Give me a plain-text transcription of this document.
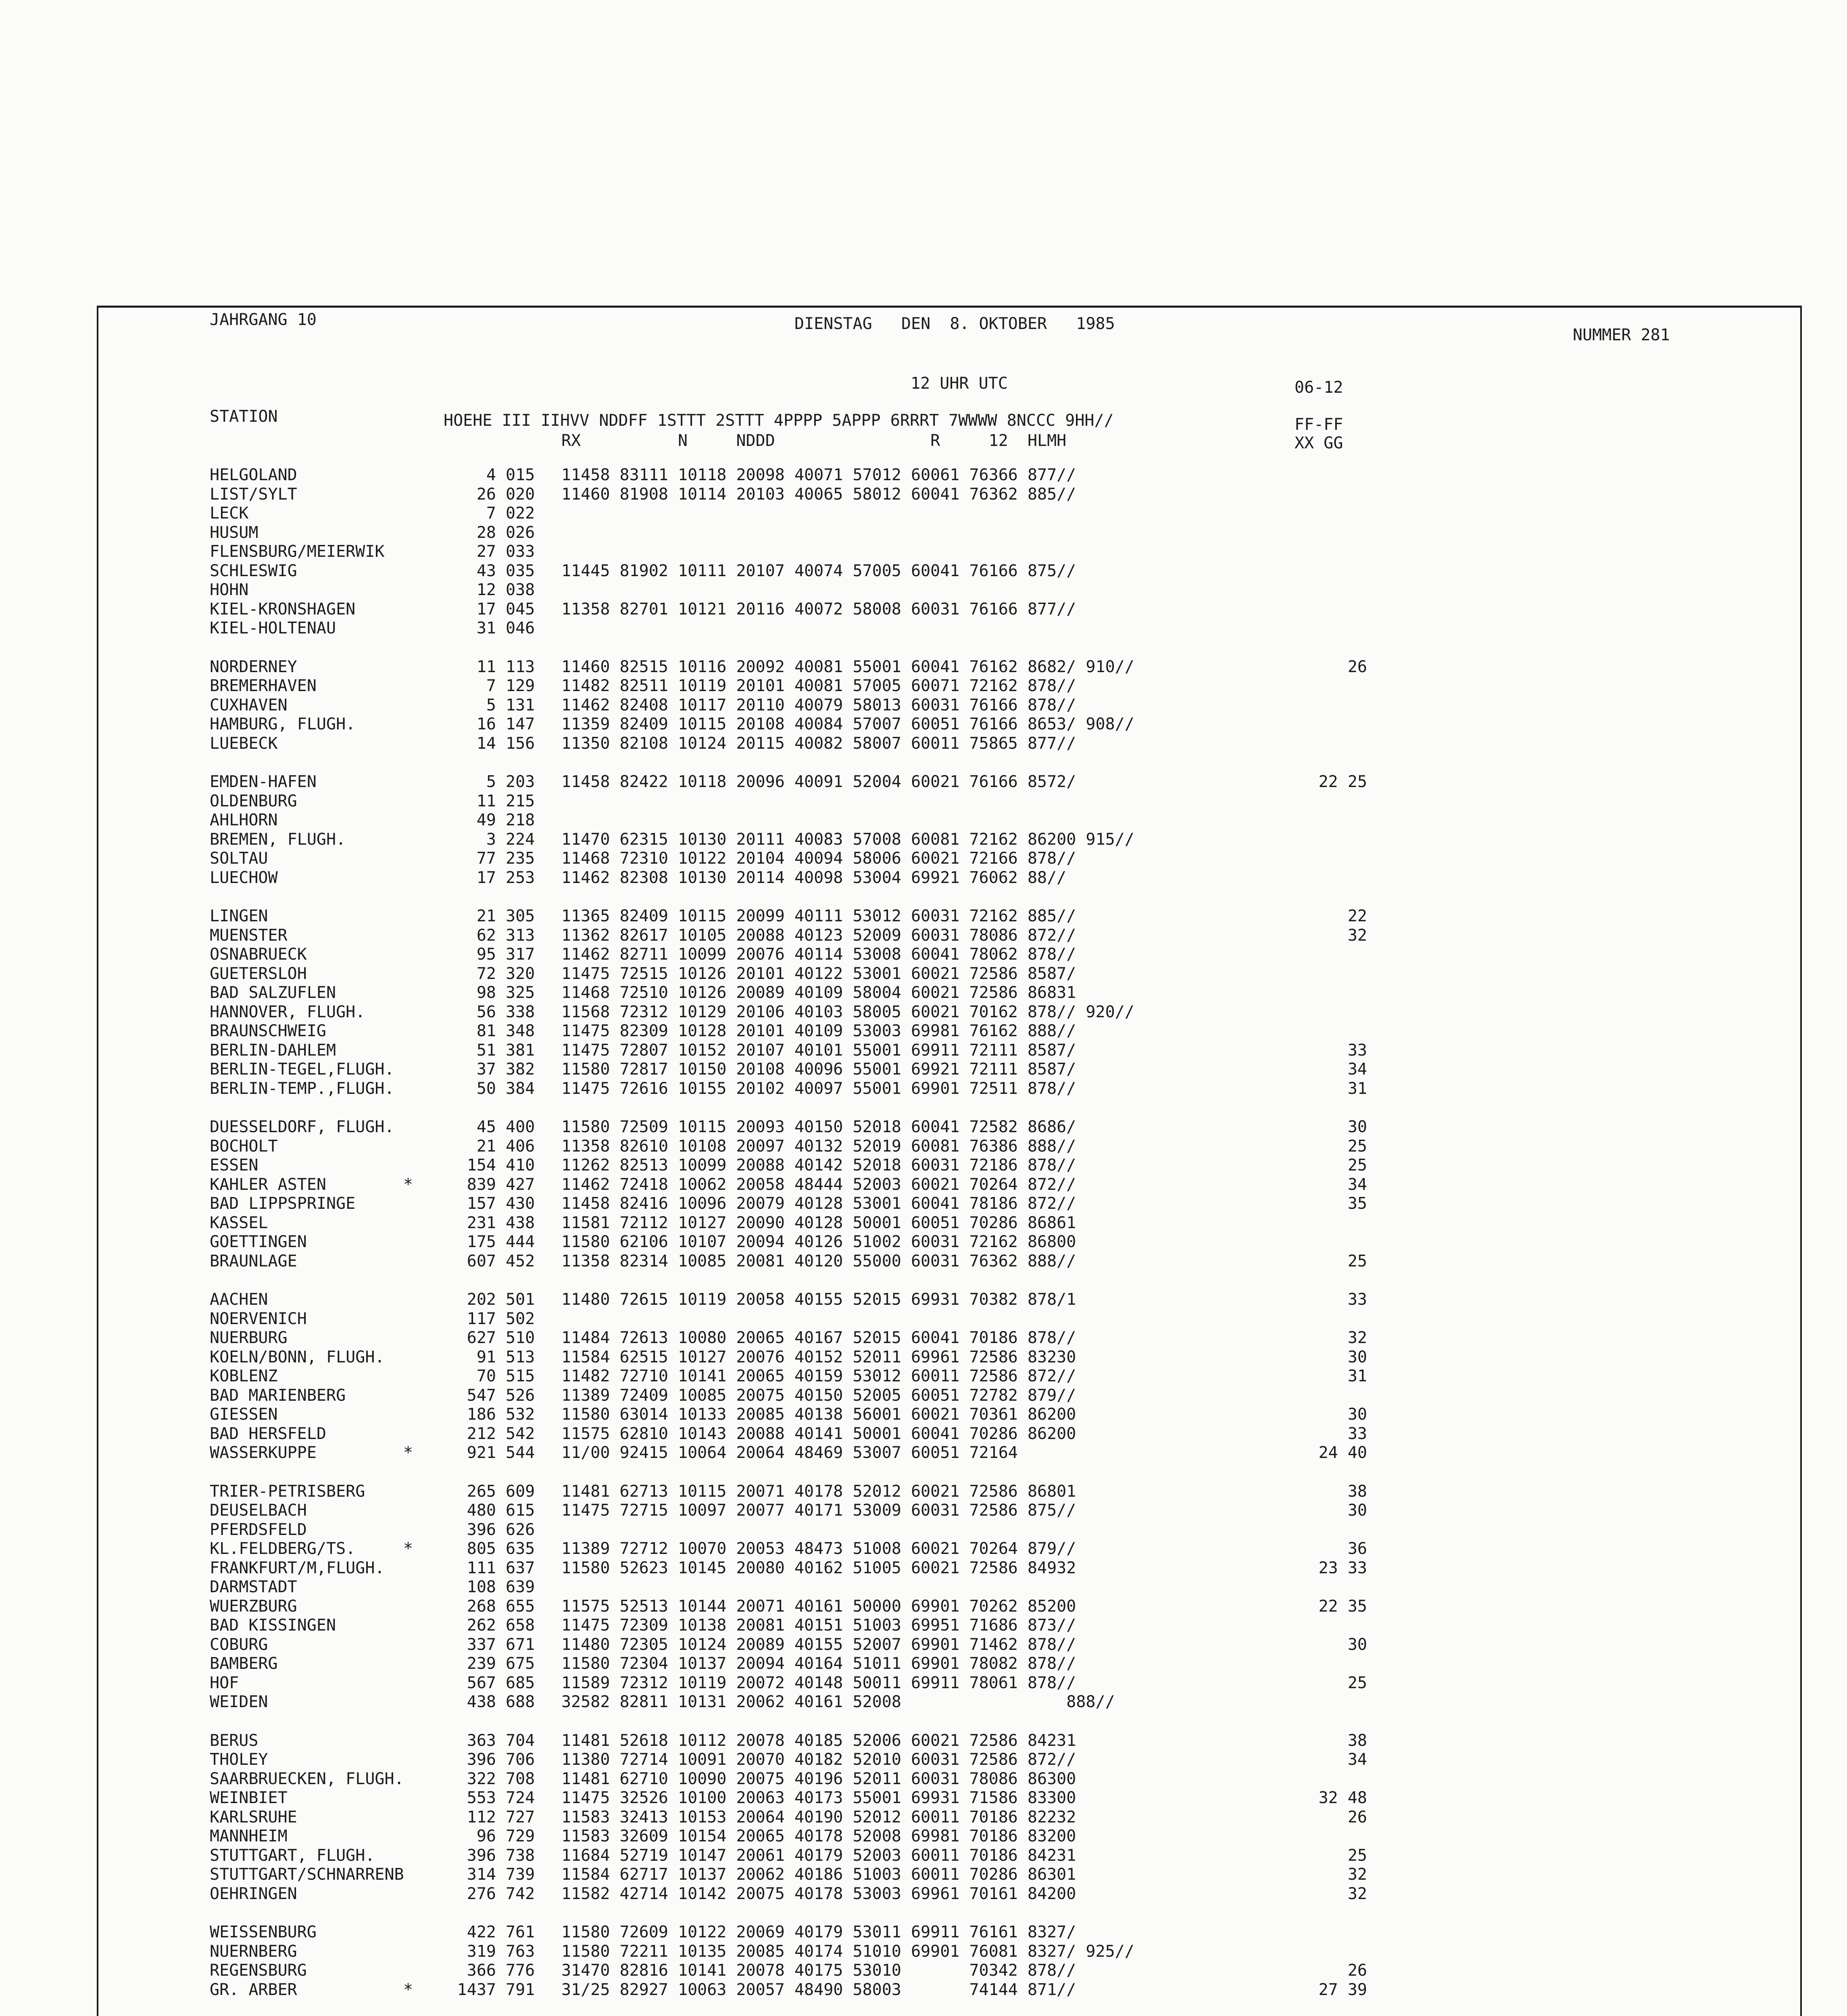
JAHRGANG 10	DIENSTAG   DEN  8. OKTOBER   1985
NUMMER 281
12 UHR UTC	06-12
STATION	HOEHE III IIHVV NDDFF 1STTT 2STTT 4PPPP 5APPP 6RRRT 7WWWW 8NCCC 9HH//
RX          N     NDDD                R     12  HLMH
FF-FF
XX GG
HELGOLAND	4 015 11458 83111 10118 20098 40071 57012 60061 76366 877//
LIST/SYLT	26 020 11460 81908 10114 20103 40065 58012 60041 76362 885//
LECK	7 022
HUSUM	28 026
FLENSBURG/MEIERWIK	27 033
SCHLESWIG	43 035 11445 81902 10111 20107 40074 57005 60041 76166 875//
HOHN	12 038
KIEL-KRONSHAGEN	17 045 11358 82701 10121 20116 40072 58008 60031 76166 877//
KIEL-HOLTENAU	31 046
NORDERNEY	11 113 11460 82515 10116 20092 40081 55001 60041 76162 8682/ 910//	26
BREMERHAVEN	7 129 11482 82511 10119 20101 40081 57005 60071 72162 878//
CUXHAVEN	5 131 11462 82408 10117 20110 40079 58013 60031 76166 878//
HAMBURG, FLUGH.	16 147 11359 82409 10115 20108 40084 57007 60051 76166 8653/ 908//
LUEBECK	14 156 11350 82108 10124 20115 40082 58007 60011 75865 877//
EMDEN-HAFEN	5 203 11458 82422 10118 20096 40091 52004 60021 76166 8572/	22 25
OLDENBURG	11 215
AHLHORN	49 218
BREMEN, FLUGH.	3 224 11470 62315 10130 20111 40083 57008 60081 72162 86200 915//
SOLTAU	77 235 11468 72310 10122 20104 40094 58006 60021 72166 878//
LUECHOW	17 253 11462 82308 10130 20114 40098 53004 69921 76062 88//
LINGEN	21 305 11365 82409 10115 20099 40111 53012 60031 72162 885//	22
MUENSTER	62 313 11362 82617 10105 20088 40123 52009 60031 78086 872//	32
OSNABRUECK	95 317 11462 82711 10099 20076 40114 53008 60041 78062 878//
GUETERSLOH	72 320 11475 72515 10126 20101 40122 53001 60021 72586 8587/
BAD SALZUFLEN	98 325 11468 72510 10126 20089 40109 58004 60021 72586 86831
HANNOVER, FLUGH.	56 338 11568 72312 10129 20106 40103 58005 60021 70162 878// 920//
BRAUNSCHWEIG	81 348 11475 82309 10128 20101 40109 53003 69981 76162 888//
BERLIN-DAHLEM	51 381 11475 72807 10152 20107 40101 55001 69911 72111 8587/	33
BERLIN-TEGEL,FLUGH.	37 382 11580 72817 10150 20108 40096 55001 69921 72111 8587/	34
BERLIN-TEMP.,FLUGH.	50 384 11475 72616 10155 20102 40097 55001 69901 72511 878//	31
DUESSELDORF, FLUGH.	45 400 11580 72509 10115 20093 40150 52018 60041 72582 8686/	30
BOCHOLT	21 406 11358 82610 10108 20097 40132 52019 60081 76386 888//	25
ESSEN	154 410 11262 82513 10099 20088 40142 52018 60031 72186 878//	25
KAHLER ASTEN	*	839 427 11462 72418 10062 20058 48444 52003 60021 70264 872//	34
BAD LIPPSPRINGE	157 430 11458 82416 10096 20079 40128 53001 60041 78186 872//	35
KASSEL	231 438 11581 72112 10127 20090 40128 50001 60051 70286 86861
GOETTINGEN	175 444 11580 62106 10107 20094 40126 51002 60031 72162 86800
BRAUNLAGE	607 452 11358 82314 10085 20081 40120 55000 60031 76362 888//	25
AACHEN	202 501 11480 72615 10119 20058 40155 52015 69931 70382 878/1	33
NOERVENICH	117 502
NUERBURG	627 510 11484 72613 10080 20065 40167 52015 60041 70186 878//	32
KOELN/BONN, FLUGH.	91 513 11584 62515 10127 20076 40152 52011 69961 72586 83230	30
KOBLENZ	70 515 11482 72710 10141 20065 40159 53012 60011 72586 872//	31
BAD MARIENBERG	547 526 11389 72409 10085 20075 40150 52005 60051 72782 879//
GIESSEN	186 532 11580 63014 10133 20085 40138 56001 60021 70361 86200	30
BAD HERSFELD	212 542 11575 62810 10143 20088 40141 50001 60041 70286 86200	33
WASSERKUPPE	*	921 544 11/00 92415 10064 20064 48469 53007 60051 72164	24 40
TRIER-PETRISBERG	265 609 11481 62713 10115 20071 40178 52012 60021 72586 86801	38
DEUSELBACH	480 615 11475 72715 10097 20077 40171 53009 60031 72586 875//	30
PFERDSFELD	396 626
KL.FELDBERG/TS.	*	805 635 11389 72712 10070 20053 48473 51008 60021 70264 879//	36
FRANKFURT/M,FLUGH.	111 637 11580 52623 10145 20080 40162 51005 60021 72586 84932	23 33
DARMSTADT	108 639
WUERZBURG	268 655 11575 52513 10144 20071 40161 50000 69901 70262 85200	22 35
BAD KISSINGEN	262 658 11475 72309 10138 20081 40151 51003 69951 71686 873//
COBURG	337 671 11480 72305 10124 20089 40155 52007 69901 71462 878//	30
BAMBERG	239 675 11580 72304 10137 20094 40164 51011 69901 78082 878//
HOF	567 685 11589 72312 10119 20072 40148 50011 69911 78061 878//	25
WEIDEN	438 688 32582 82811 10131 20062 40161 52008                 888//
BERUS	363 704 11481 52618 10112 20078 40185 52006 60021 72586 84231	38
THOLEY	396 706 11380 72714 10091 20070 40182 52010 60031 72586 872//	34
SAARBRUECKEN, FLUGH.	322 708 11481 62710 10090 20075 40196 52011 60031 78086 86300
WEINBIET	553 724 11475 32526 10100 20063 40173 55001 69931 71586 83300	32 48
KARLSRUHE	112 727 11583 32413 10153 20064 40190 52012 60011 70186 82232	26
MANNHEIM	96 729 11583 32609 10154 20065 40178 52008 69981 70186 83200
STUTTGART, FLUGH.	396 738 11684 52719 10147 20061 40179 52003 60011 70186 84231	25
STUTTGART/SCHNARRENB	314 739 11584 62717 10137 20062 40186 51003 60011 70286 86301	32
OEHRINGEN	276 742 11582 42714 10142 20075 40178 53003 69961 70161 84200	32
WEISSENBURG	422 761 11580 72609 10122 20069 40179 53011 69911 76161 8327/
NUERNBERG	319 763 11580 72211 10135 20085 40174 51010 69901 76081 8327/ 925//
REGENSBURG	366 776 31470 82816 10141 20078 40175 53010       70342 878//	26
GR. ARBER	*	1437 791 31/25 82927 10063 20057 48490 58003       74144 871//	27 39
